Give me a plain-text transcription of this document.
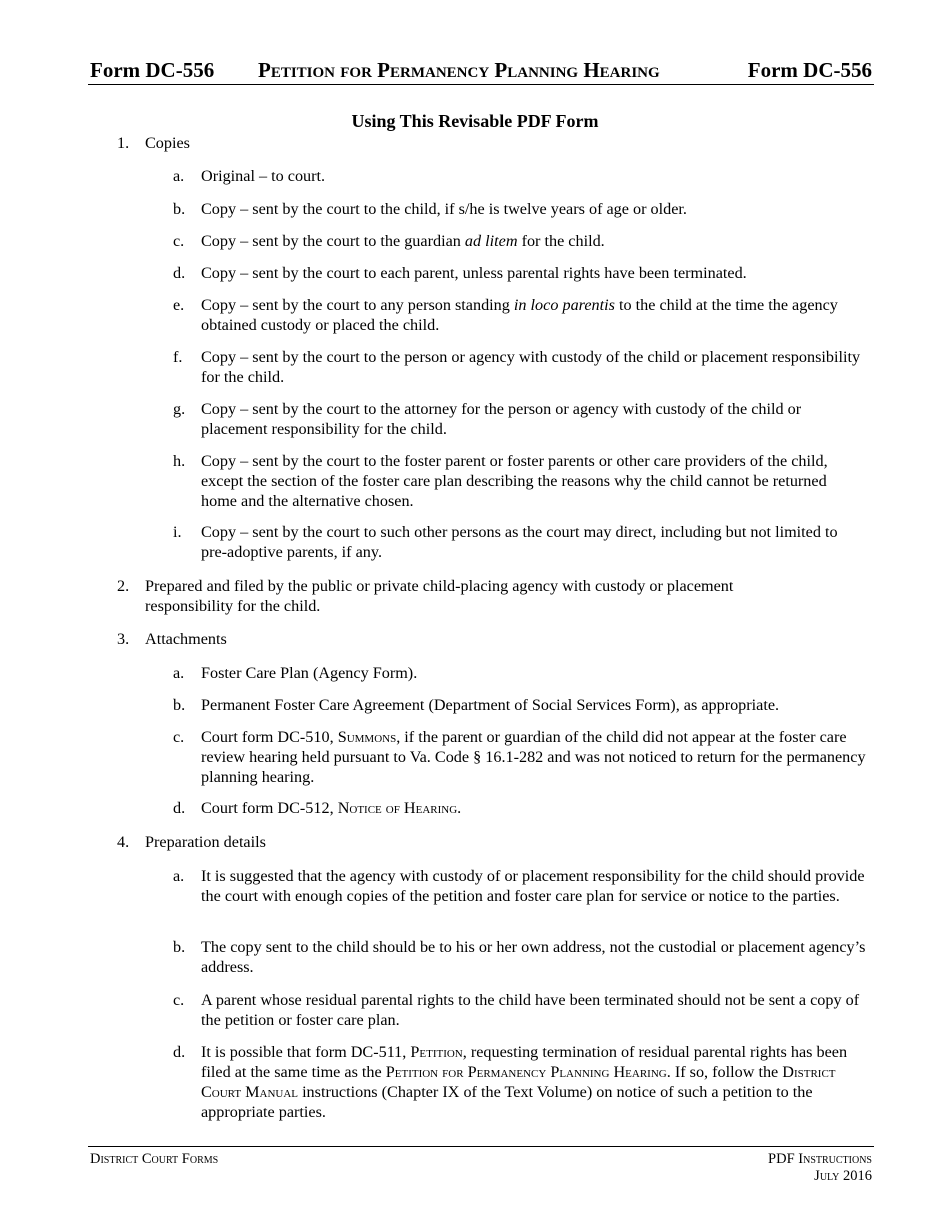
Form DC-556 Petition for Permanency Planning Hearing	Form DC-556
Using This Revisable PDF Form
1. Copies
a. Original – to court.
b. Copy – sent by the court to the child, if s/he is twelve years of age or older.
c. Copy – sent by the court to the guardian ad litem for the child.
d. Copy – sent by the court to each parent, unless parental rights have been terminated.
e. Copy – sent by the court to any person standing in loco parentis to the child at the time the agency obtained custody or placed the child.
f. Copy – sent by the court to the person or agency with custody of the child or placement responsibility for the child.
g. Copy – sent by the court to the attorney for the person or agency with custody of the child or placement responsibility for the child.
h. Copy – sent by the court to the foster parent or foster parents or other care providers of the child, except the section of the foster care plan describing the reasons why the child cannot be returned home and the alternative chosen.
i. Copy – sent by the court to such other persons as the court may direct, including but not limited to pre-adoptive parents, if any.
2. Prepared and filed by the public or private child-placing agency with custody or placement responsibility for the child.
3. Attachments
a. Foster Care Plan (Agency Form).
b. Permanent Foster Care Agreement (Department of Social Services Form), as appropriate.
c. Court form DC-510, Summons, if the parent or guardian of the child did not appear at the foster care review hearing held pursuant to Va. Code § 16.1-282 and was not noticed to return for the permanency planning hearing.
d. Court form DC-512, Notice of Hearing.
4. Preparation details
a. It is suggested that the agency with custody of or placement responsibility for the child should provide the court with enough copies of the petition and foster care plan for service or notice to the parties.
b. The copy sent to the child should be to his or her own address, not the custodial or placement agency’s address.
c. A parent whose residual parental rights to the child have been terminated should not be sent a copy of the petition or foster care plan.
d. It is possible that form DC-511, Petition, requesting termination of residual parental rights has been filed at the same time as the Petition for Permanency Planning Hearing. If so, follow the District Court Manual instructions (Chapter IX of the Text Volume) on notice of such a petition to the appropriate parties.
District Court Forms	PDF Instructions
July 2016
